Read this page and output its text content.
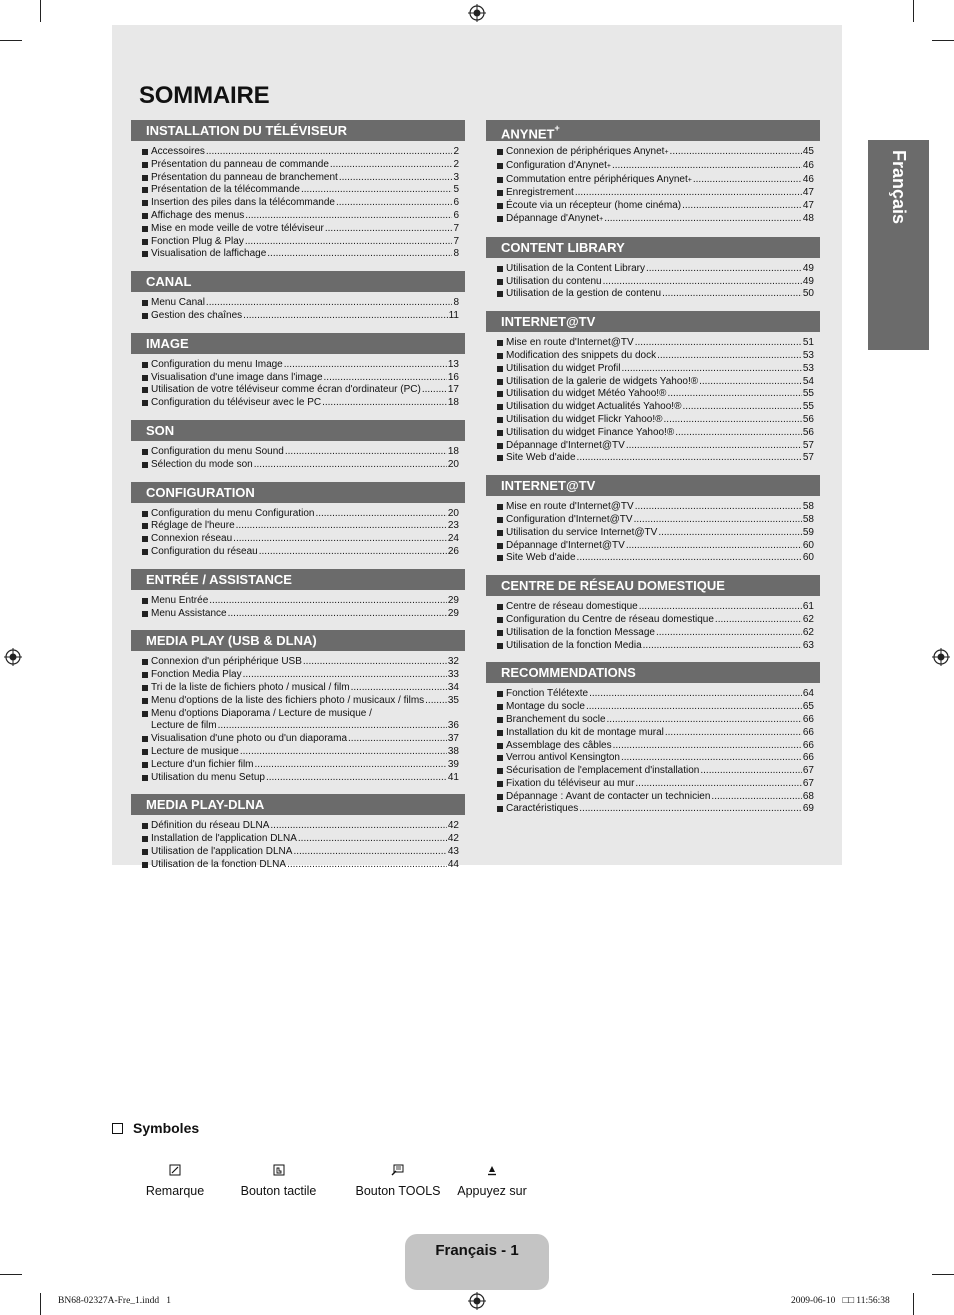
SOMMAIRE
INSTALLATION DU TÉLÉVISEUR
Accessoires .....	2
Présentation du panneau de commande .....	2
Présentation du panneau de branchement .....	3
Présentation de la télécommande .....	5
Insertion des piles dans la télécommande .....	6
Affichage des menus .....	6
Mise en mode veille de votre téléviseur .....	7
Fonction Plug & Play .....	7
Visualisation de laffichage .....	8
CANAL
Menu Canal .....	8
Gestion des chaînes .....	11
IMAGE
Configuration du menu Image .....	13
Visualisation d'une image dans l'image .....	16
Utilisation de votre téléviseur comme écran d'ordinateur (PC) .....	17
Configuration du téléviseur avec le PC .....	18
SON
Configuration du menu Sound .....	18
Sélection du mode son .....	20
CONFIGURATION
Configuration du menu Configuration .....	20
Réglage de l'heure .....	23
Connexion réseau .....	24
Configuration du réseau .....	26
ENTRÉE / ASSISTANCE
Menu Entrée .....	29
Menu Assistance .....	29
MEDIA PLAY (USB & DLNA)
Connexion d'un périphérique USB .....	32
Fonction Media Play .....	33
Tri de la liste de fichiers photo / musical / film .....	34
Menu d'options de la liste des fichiers photo / musicaux / films ..... 35
Menu d'options Diaporama / Lecture de musique /
Lecture de film .....	36
Visualisation d'une photo ou d'un diaporama .....	37
Lecture de musique .....	38
Lecture d'un fichier film .....	39
Utilisation du menu Setup .....	41
MEDIA PLAY-DLNA
Définition du réseau DLNA .....	42
Installation de l'application DLNA .....	42
Utilisation de l'application DLNA .....	43
Utilisation de la fonction DLNA .....	44
ANYNET+
Connexion de périphériques Anynet + .....	45
Configuration d'Anynet + .....	46
Commutation entre périphériques Anynet + .....	46
Enregistrement .....	47
Écoute via un récepteur (home cinéma) .....	47
Dépannage d'Anynet + .....	48
CONTENT LIBRARY
Utilisation de la Content Library .....	49
Utilisation du contenu .....	49
Utilisation de la gestion de contenu .....	50
INTERNET@TV
Mise en route d'Internet@TV .....	51
Modification des snippets du dock .....	53
Utilisation du widget Profil .....	53
Utilisation de la galerie de widgets Yahoo!® .....	54
Utilisation du widget Météo Yahoo!® .....	55
Utilisation du widget Actualités Yahoo!® .....	55
Utilisation du widget Flickr Yahoo!® .....	56
Utilisation du widget Finance Yahoo!® .....	56
Dépannage d'Internet@TV .....	57
Site Web d'aide .....	57
INTERNET@TV
Mise en route d'Internet@TV .....	58
Configuration d'Internet@TV .....	58
Utilisation du service Internet@TV .....	59
Dépannage d'Internet@TV .....	60
Site Web d'aide .....	60
CENTRE DE RÉSEAU DOMESTIQUE
Centre de réseau domestique .....	61
Configuration du Centre de réseau domestique .....	62
Utilisation de la fonction Message .....	62
Utilisation de la fonction Media .....	63
RECOMMENDATIONS
Fonction Télétexte .....	64
Montage du socle .....	65
Branchement du socle .....	66
Installation du kit de montage mural .....	66
Assemblage des câbles .....	66
Verrou antivol Kensington .....	66
Sécurisation de l'emplacement d'installation .....	67
Fixation du téléviseur au mur .....	67
Dépannage : Avant de contacter un technicien .....	68
Caractéristiques .....	69
Français
Symboles
Remarque	Bouton tactile	Bouton TOOLS Appuyez sur
Français - 1
BN68-02327A-Fre_1.indd   1	2009-06-10   □□ 11:56:38
